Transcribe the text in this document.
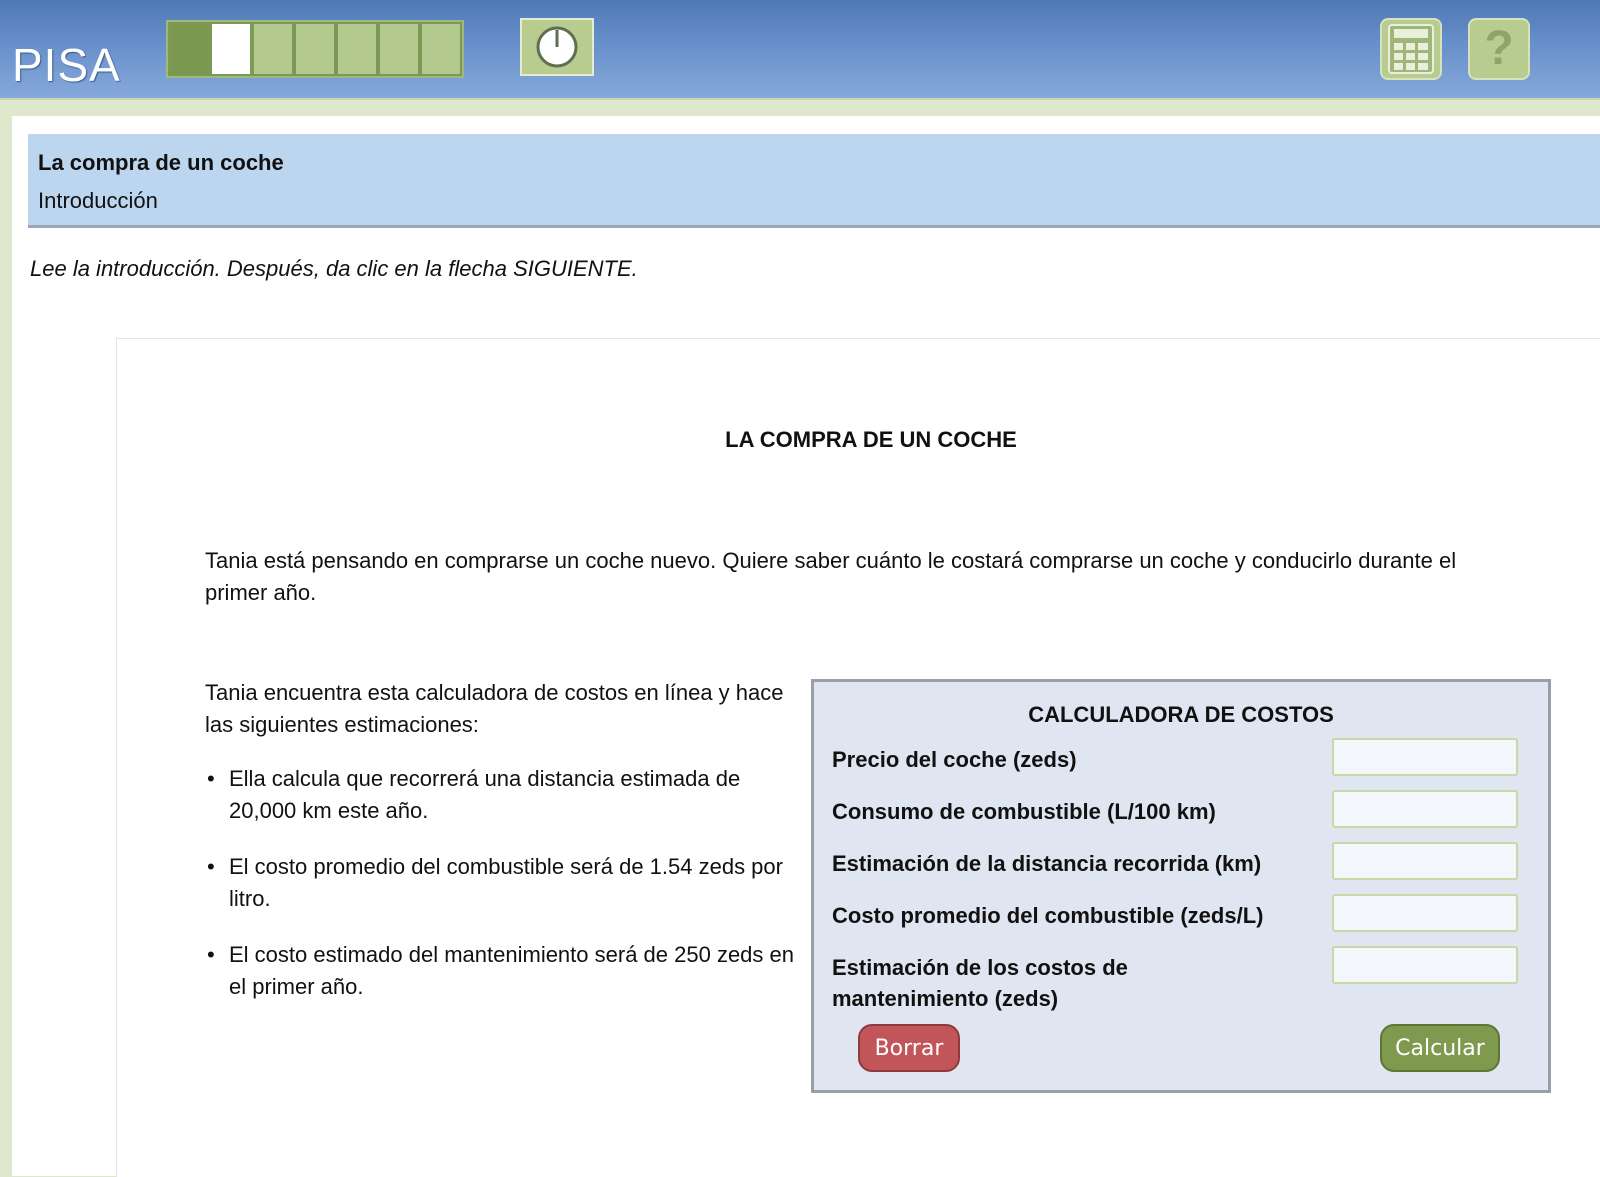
PISA	?
La compra de un coche
Introducción
Lee la introducción. Después, da clic en la flecha SIGUIENTE.
LA COMPRA DE UN COCHE
Tania está pensando en comprarse un coche nuevo. Quiere saber cuánto le costará comprarse un coche y conducirlo durante el primer año.
Tania encuentra esta calculadora de costos en línea y hace las siguientes estimaciones:
• Ella calcula que recorrerá una distancia estimada de 20,000 km este año.
• El costo promedio del combustible será de 1.54 zeds por litro.
• El costo estimado del mantenimiento será de 250 zeds en el primer año.
CALCULADORA DE COSTOS
Precio del coche (zeds)
Consumo de combustible (L/100 km)
Estimación de la distancia recorrida (km)
Costo promedio del combustible (zeds/L)
Estimación de los costos de mantenimiento (zeds)
Borrar	Calcular
